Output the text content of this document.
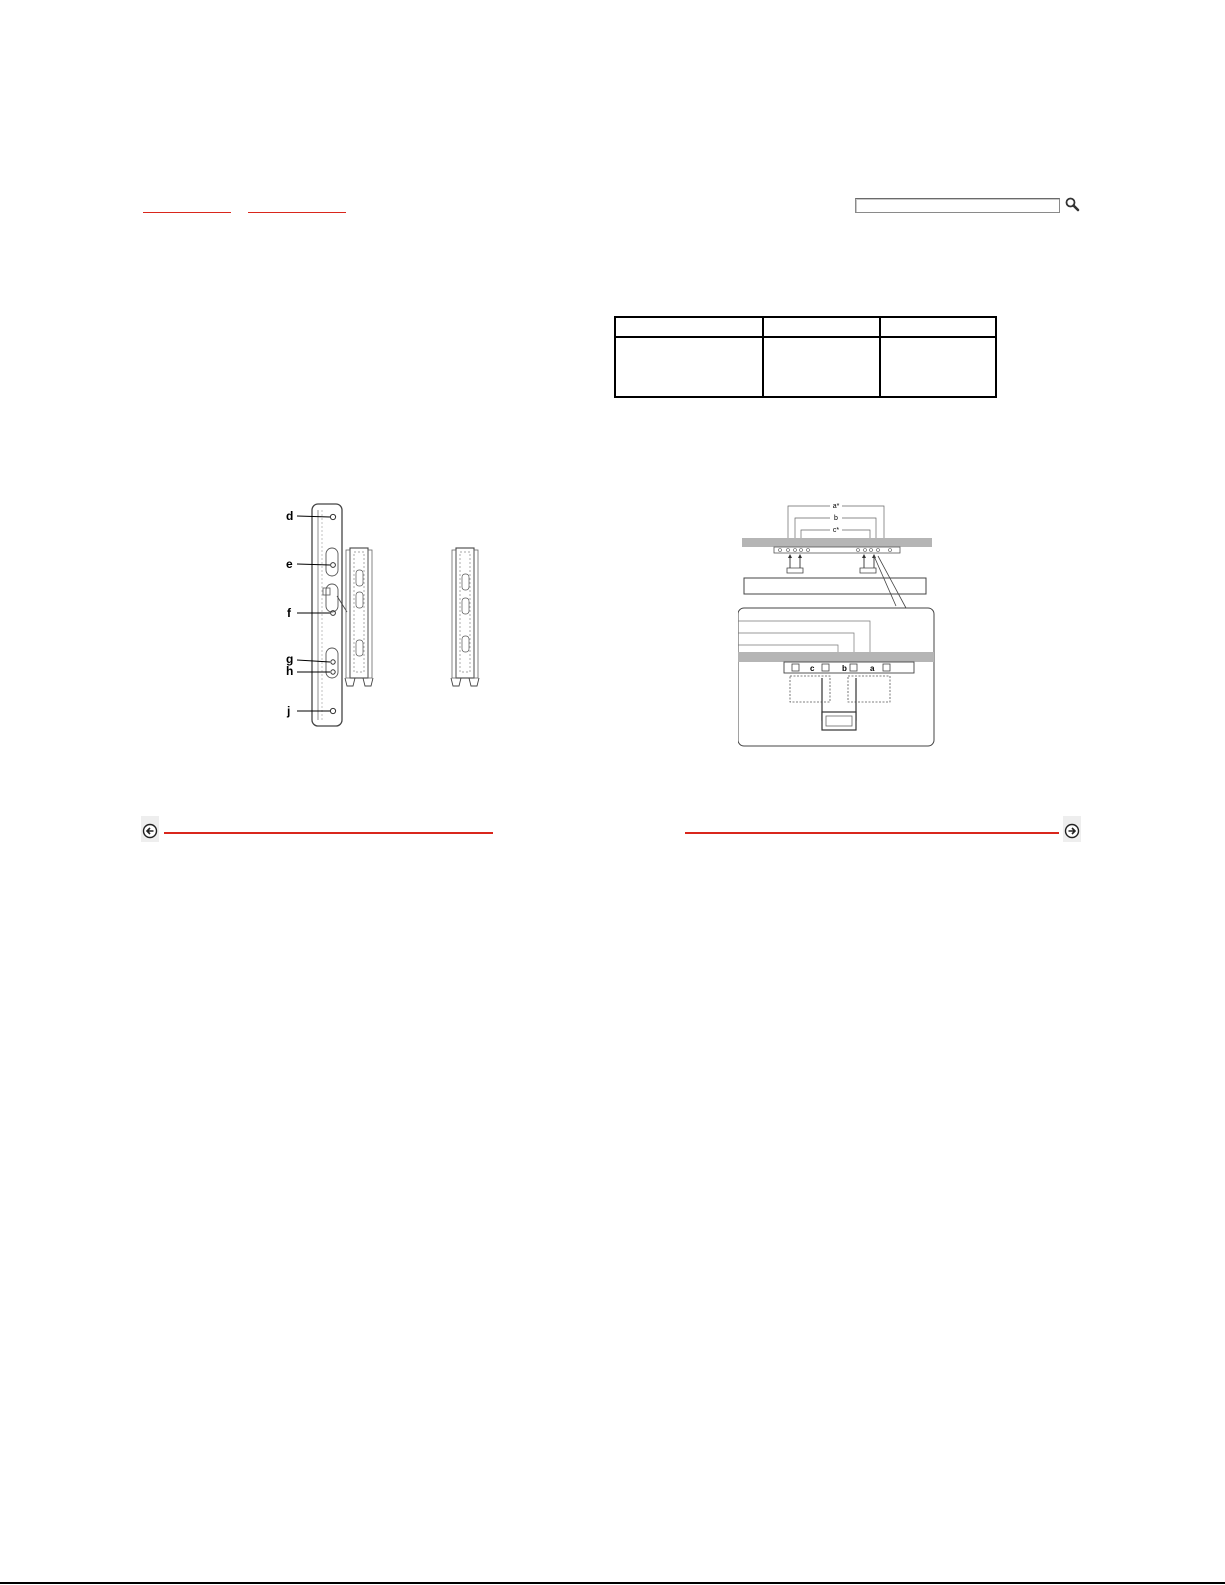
d
e
f
g
h
j
a*
b
c*
c	b	a
